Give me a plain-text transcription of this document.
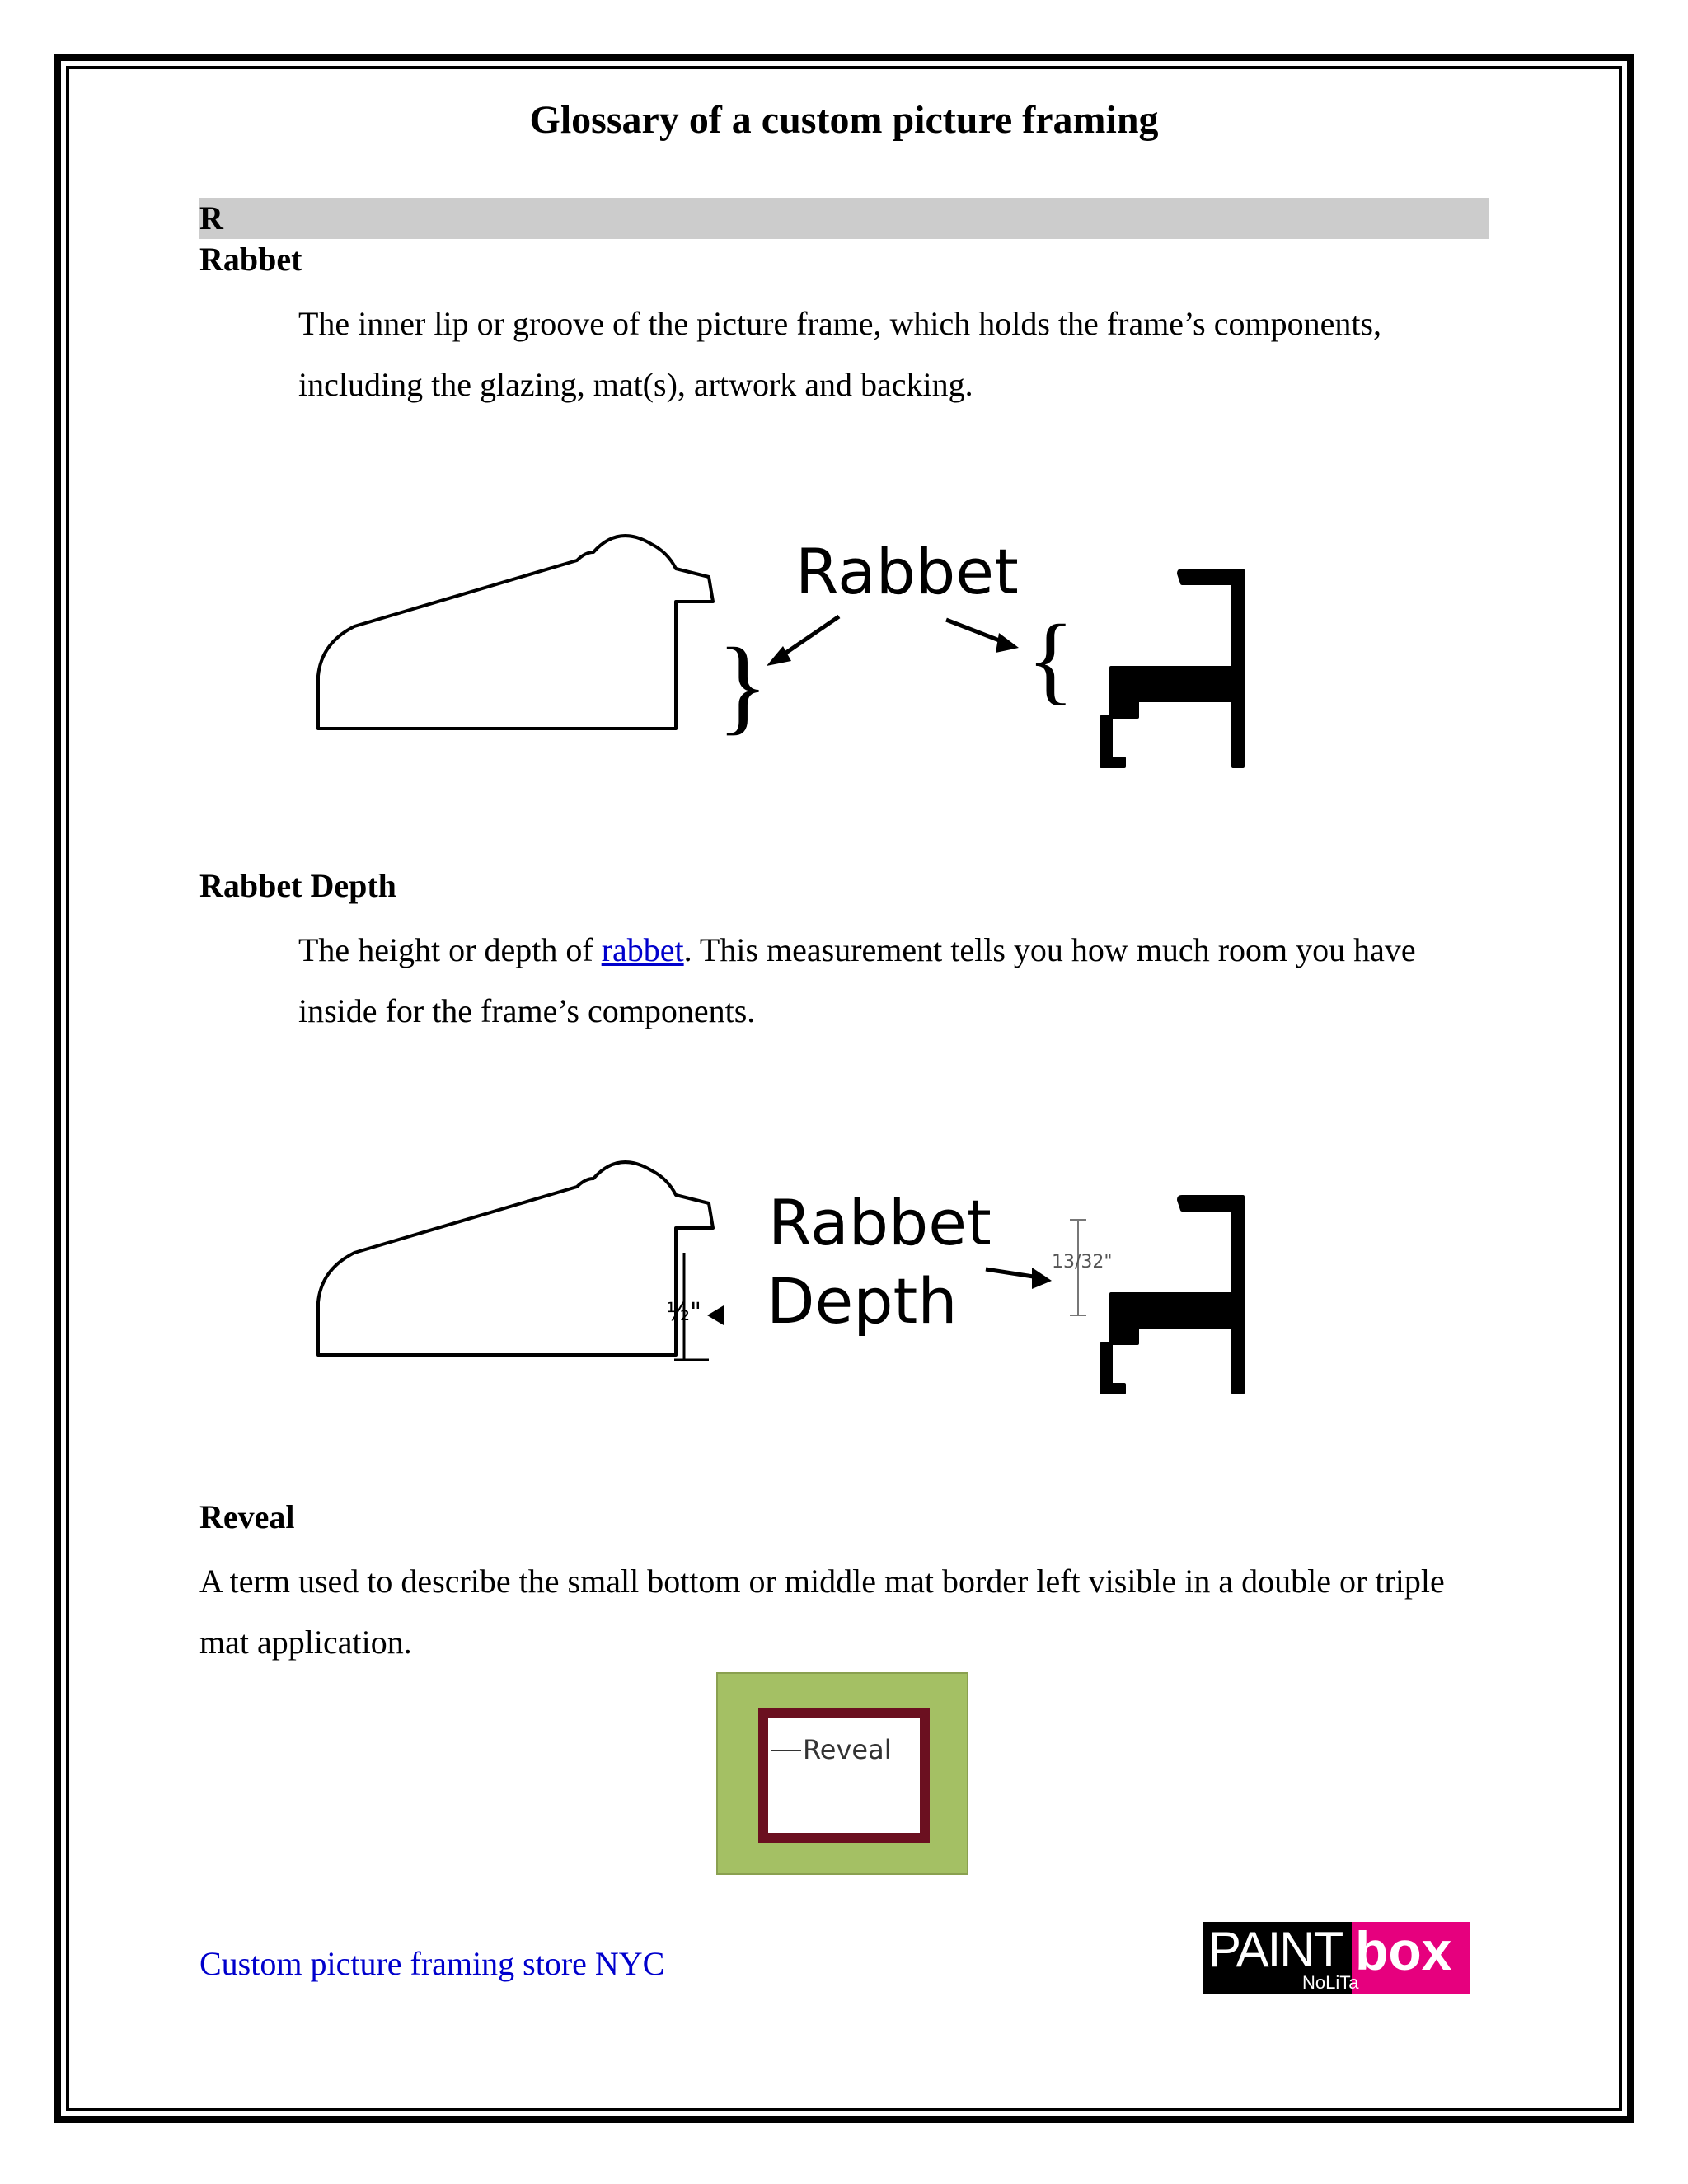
Glossary of a custom picture framing
R
Rabbet
The inner lip or groove of the picture frame, which holds the frame’s components, including the glazing, mat(s), artwork and backing.
}
Rabbet
{
Rabbet Depth
The height or depth of rabbet. This measurement tells you how much room you have inside for the frame’s components.
½"
Rabbet
Depth
13/32"
Reveal
A term used to describe the small bottom or middle mat border left visible in a double or triple mat application.
Reveal
Custom picture framing store NYC	PAINT box
NoLiTa
